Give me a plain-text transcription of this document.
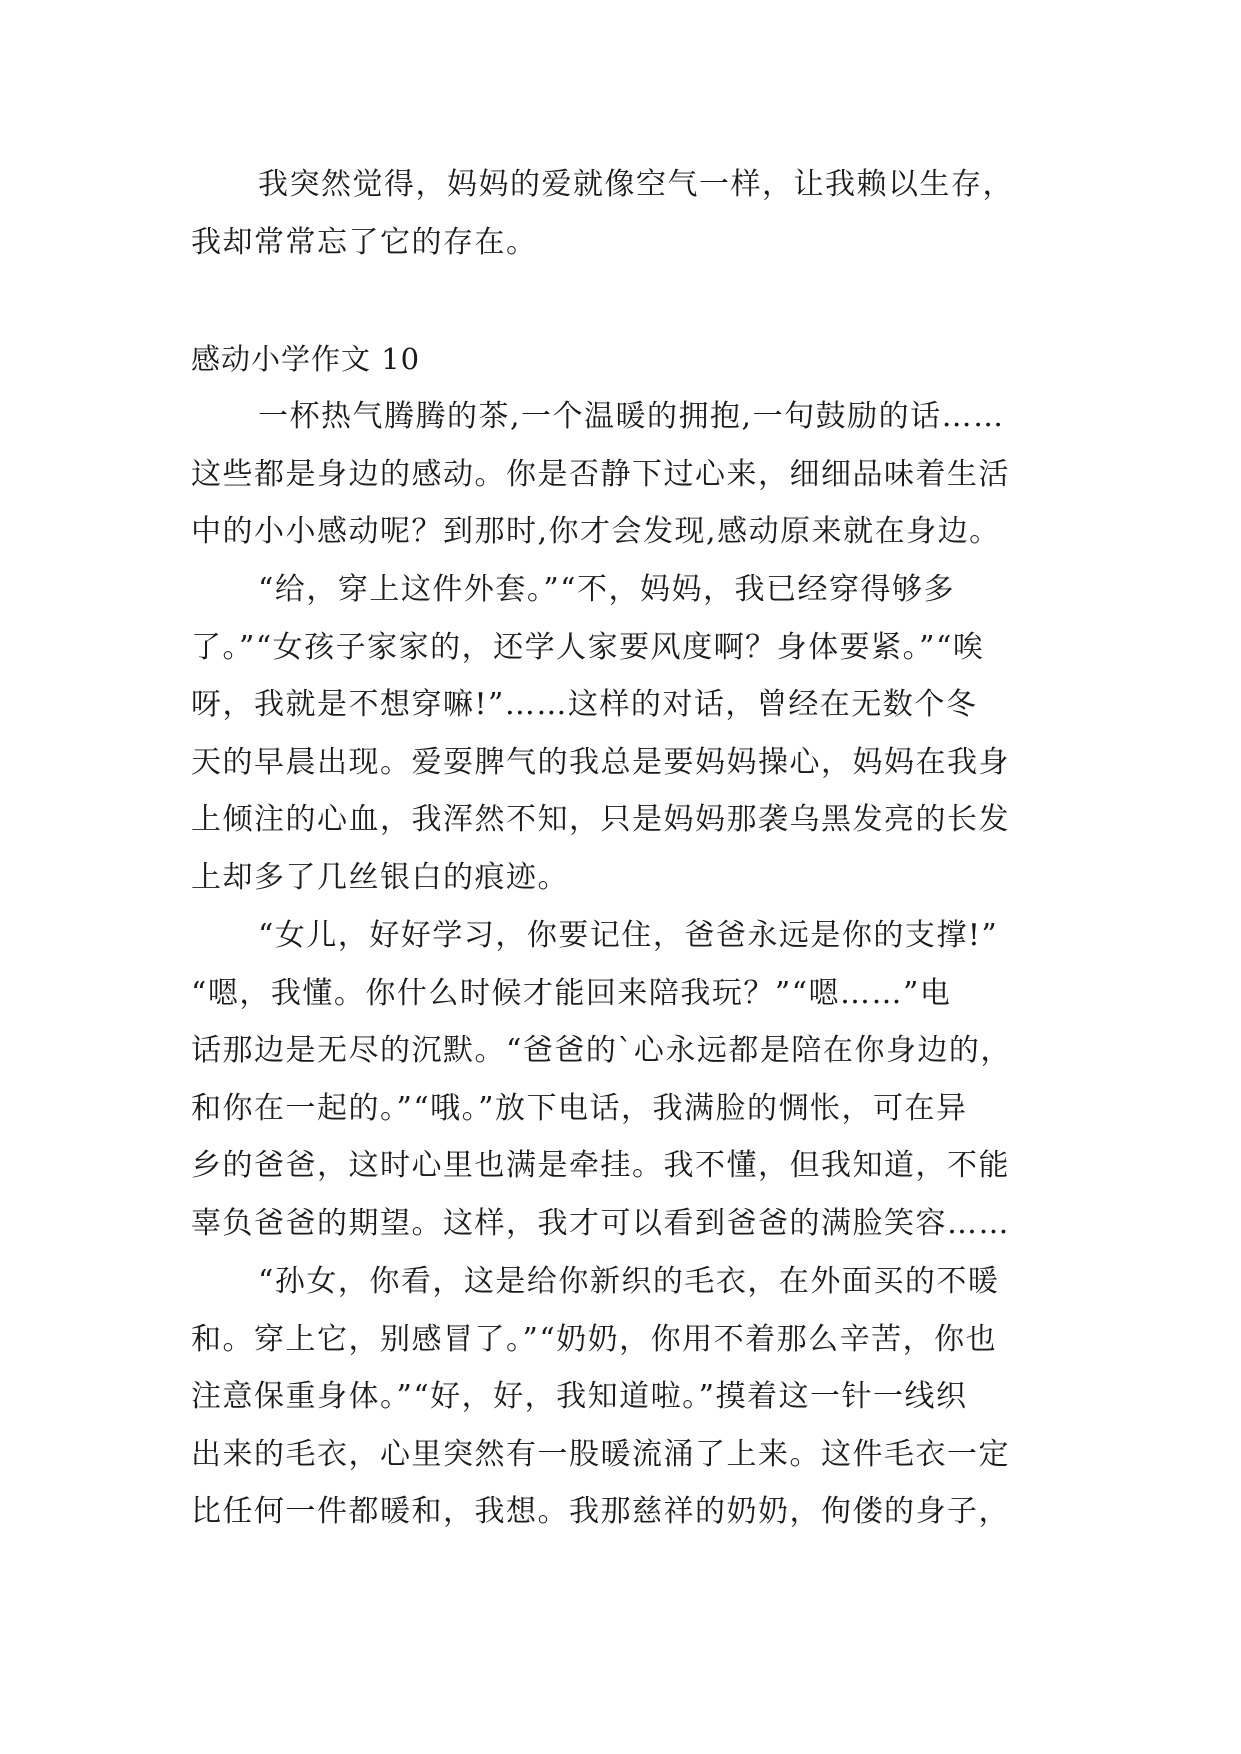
我突然觉得，妈妈的爱就像空气一样，让我赖以生存，
我却常常忘了它的存在。
感动小学作文 10
一杯热气腾腾的茶,一个温暖的拥抱,一句鼓励的话……
这些都是身边的感动。你是否静下过心来，细细品味着生活
中的小小感动呢？到那时,你才会发现,感动原来就在身边。
“给，穿上这件外套。”“不，妈妈，我已经穿得够多
了。”“女孩子家家的，还学人家要风度啊？身体要紧。”“唉
呀，我就是不想穿嘛!”……这样的对话，曾经在无数个冬
天的早晨出现。爱耍脾气的我总是要妈妈操心，妈妈在我身
上倾注的心血，我浑然不知，只是妈妈那袭乌黑发亮的长发
上却多了几丝银白的痕迹。
“女儿，好好学习，你要记住，爸爸永远是你的支撑!”
“嗯，我懂。你什么时候才能回来陪我玩？”“嗯……”电
话那边是无尽的沉默。“爸爸的`心永远都是陪在你身边的，
和你在一起的。”“哦。”放下电话，我满脸的惆怅，可在异
乡的爸爸，这时心里也满是牵挂。我不懂，但我知道，不能
辜负爸爸的期望。这样，我才可以看到爸爸的满脸笑容……
“孙女，你看，这是给你新织的毛衣，在外面买的不暖
和。穿上它，别感冒了。”“奶奶，你用不着那么辛苦，你也
注意保重身体。”“好，好，我知道啦。”摸着这一针一线织
出来的毛衣，心里突然有一股暖流涌了上来。这件毛衣一定
比任何一件都暖和，我想。我那慈祥的奶奶，佝偻的身子，
